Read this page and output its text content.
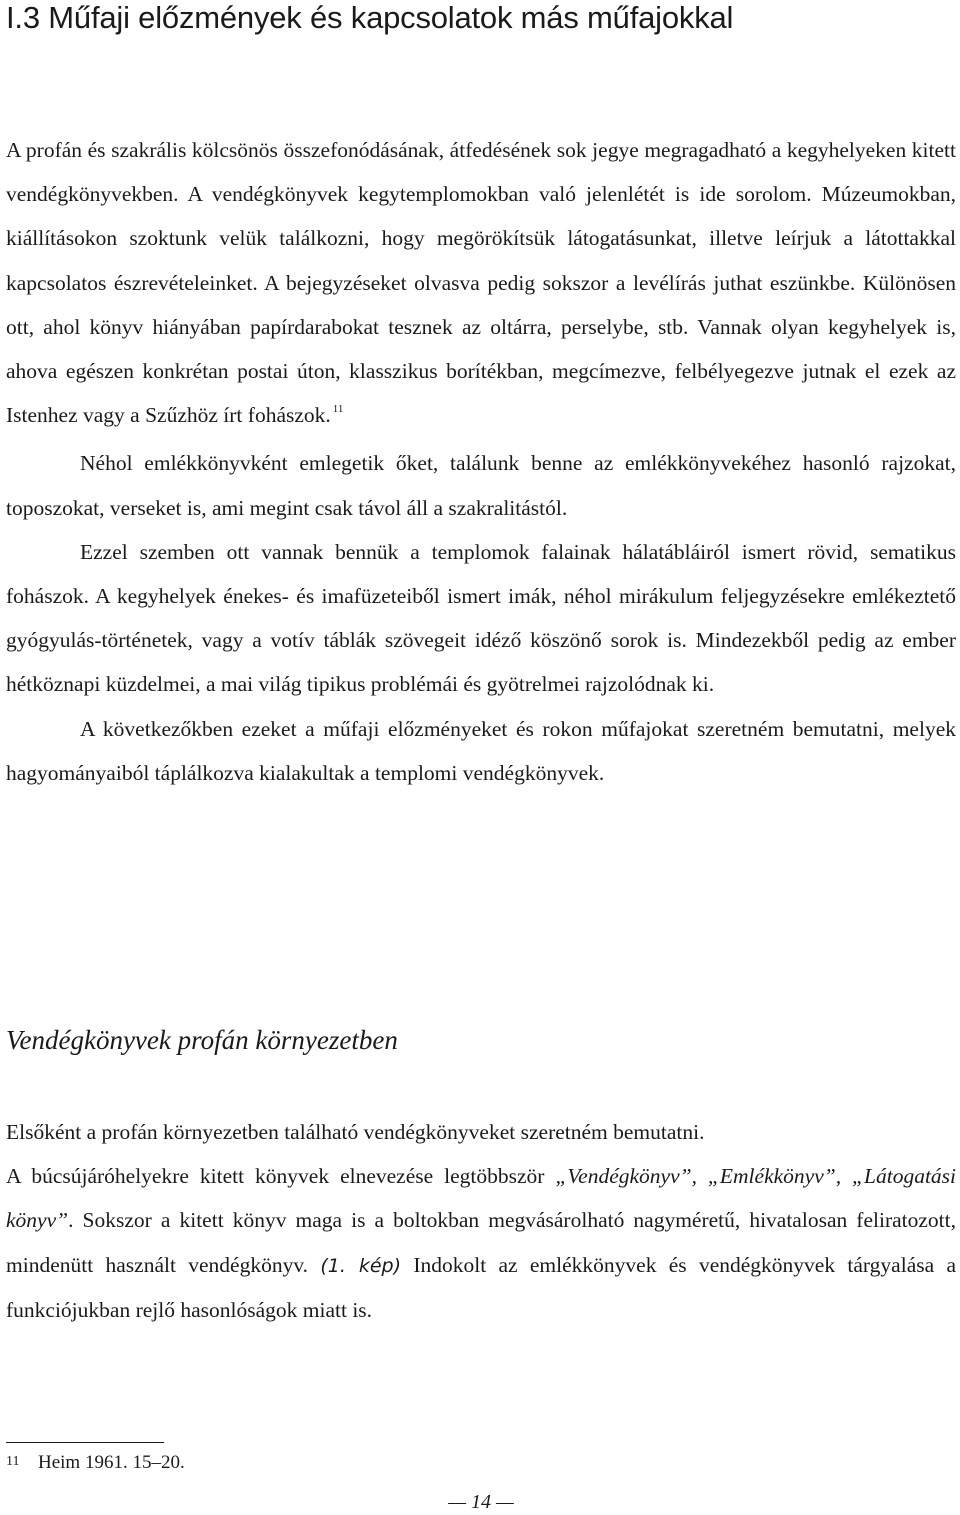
I.3 Műfaji előzmények és kapcsolatok más műfajokkal

A profán és szakrális kölcsönös összefonódásának, átfedésének sok jegye megragadható a kegyhelyeken kitett vendégkönyvekben. A vendégkönyvek kegytemplomokban való jelenlétét is ide sorolom. Múzeumokban, kiállításokon szoktunk velük találkozni, hogy megörökítsük látogatásunkat, illetve leírjuk a látottakkal kapcsolatos észrevételeinket. A bejegyzéseket olvasva pedig sokszor a levélírás juthat eszünkbe. Különösen ott, ahol könyv hiányában papírdarabokat tesznek az oltárra, perselybe, stb. Vannak olyan kegyhelyek is, ahova egészen konkrétan postai úton, klasszikus borítékban, megcímezve, felbélyegezve jutnak el ezek az Istenhez vagy a Szűzhöz írt fohászok. $^{11}$

Néhol emlékkönyvként emlegetik őket, találunk benne az emlékkönyvekéhez hasonló rajzokat, toposzokat, verseket is, ami megint csak távol áll a szakralitástól.

Ezzel szemben ott vannak bennük a templomok falainak hálatábláiról ismert rövid, sematikus fohászok. A kegyhelyek énekes- és imafüzeteiből ismert imák, néhol mirákulum feljegyzésekre emlékeztető gyógyulás-történetek, vagy a votív táblák szövegeit idéző köszönő sorok is. Mindezekből pedig az ember hétköznapi küzdelmei, a mai világ tipikus problémái és gyötrelmei rajzolódnak ki.

A következőkben ezeket a műfaji előzményeket és rokon műfajokat szeretném bemutatni, melyek hagyományaiból táplálkozva kialakultak a templomi vendégkönyvek.

Vendégkönyvek profán környezetben

Elsőként a profán környezetben található vendégkönyveket szeretném bemutatni.

A búcsújáróhelyekre kitett könyvek elnevezése legtöbbször „Vendégkönyv”, „Emlékkönyv”, „Látogatási könyv”. Sokszor a kitett könyv maga is a boltokban megvásárolható nagyméretű, hivatalosan feliratozott, mindenütt használt vendégkönyv. (1. kép) Indokolt az emlékkönyvek és vendégkönyvek tárgyalása a funkciójukban rejlő hasonlóságok miatt is.

11 Heim 1961. 15–20.
— 14 —
